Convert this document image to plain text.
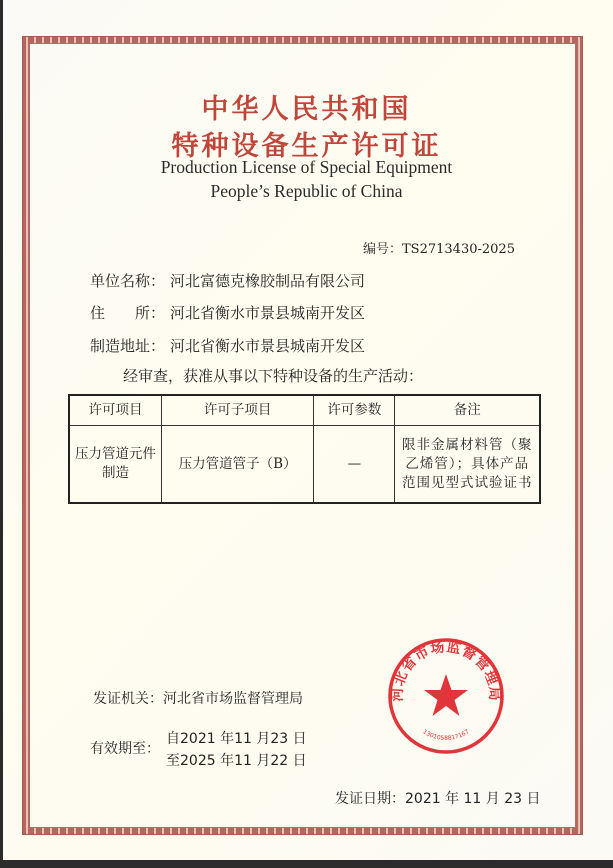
中华人民共和国
特种设备生产许可证
Production License of Special Equipment
People’s Republic of China
编号：TS2713430-2025
单位名称： 河北富德克橡胶制品有限公司
住　　所： 河北省衡水市景县城南开发区
制造地址： 河北省衡水市景县城南开发区
经审查，获准从事以下特种设备的生产活动：
许可项目	许可子项目	许可参数	备注
压力管道元件制造	压力管道管子（B）	—	限非金属材料管（聚乙烯管）；具体产品范围见型式试验证书
河北省市场监督管理局
1301058817167
发证机关：河北省市场监督管理局
有效期至：
自2021 年11 月23 日
至2025 年11 月22 日
发证日期：2021 年 11 月 23 日
